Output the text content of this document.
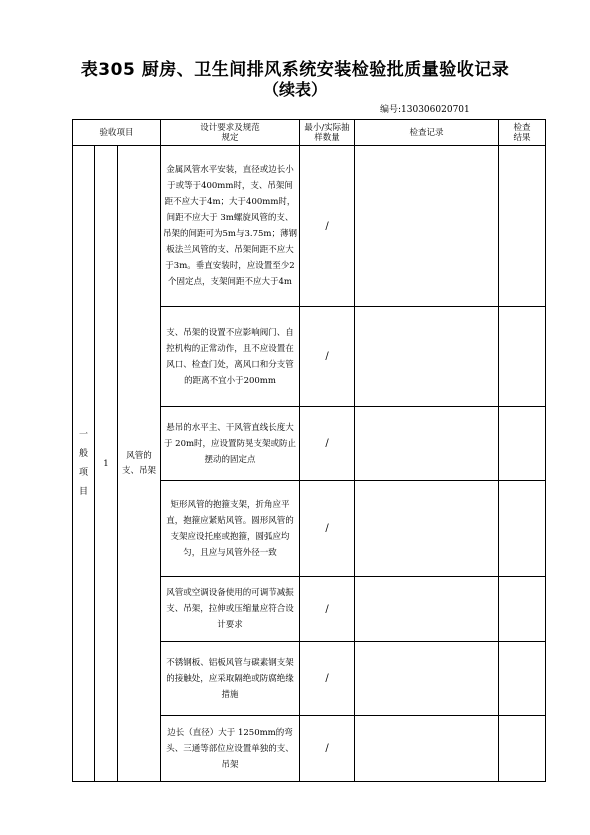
表305 厨房、卫生间排风系统安装检验批质量验收记录
（续表）
编号:130306020701
验收项目			设计要求及规范规定	最小/实际抽样数量	检查记录	检查结果
一般项目	1	风管的支、吊架	金属风管水平安装，直径或边长小于或等于400mm时，支、吊架间距不应大于4m；大于400mm时，间距不应大于 3m螺旋风管的支、吊架的间距可为5m与3.75m；薄钢板法兰风管的支、吊架间距不应大于3m。垂直安装时，应设置至少2个固定点，支架间距不应大于4m	/		
			支、吊架的设置不应影响阀门、自控机构的正常动作，且不应设置在风口、检查门处，离风口和分支管的距离不宜小于200mm	/		
			悬吊的水平主、干风管直线长度大于 20m时，应设置防晃支架或防止摆动的固定点	/		
			矩形风管的抱箍支架，折角应平直，抱箍应紧贴风管。圆形风管的支架应设托座或抱箍，圆弧应均匀，且应与风管外径一致	/		
			风管或空调设备使用的可调节减振支、吊架，拉伸或压缩量应符合设计要求	/		
			不锈钢板、铝板风管与碳素钢支架的接触处，应采取隔绝或防腐绝缘措施	/		
			边长（直径）大于 1250mm的弯头、三通等部位应设置单独的支、吊架	/		
